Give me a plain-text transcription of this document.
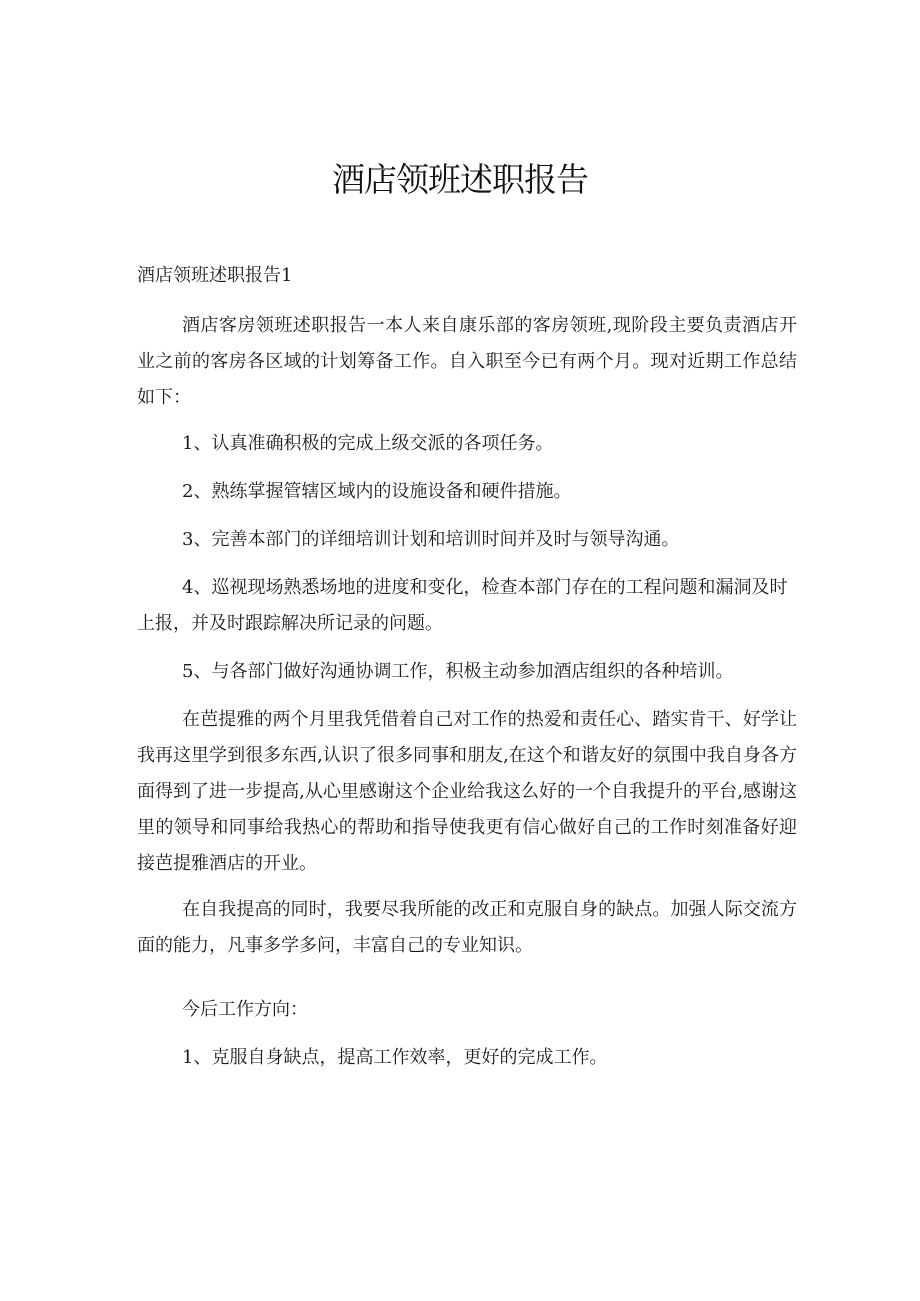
酒店领班述职报告

酒店领班述职报告1

酒店客房领班述职报告一本人来自康乐部的客房领班,现阶段主要负责酒店开业之前的客房各区域的计划筹备工作。自入职至今已有两个月。现对近期工作总结如下：

1、认真准确积极的完成上级交派的各项任务。

2、熟练掌握管辖区域内的设施设备和硬件措施。

3、完善本部门的详细培训计划和培训时间并及时与领导沟通。

4、巡视现场熟悉场地的进度和变化，检查本部门存在的工程问题和漏洞及时上报，并及时跟踪解决所记录的问题。

5、与各部门做好沟通协调工作，积极主动参加酒店组织的各种培训。

在芭提雅的两个月里我凭借着自己对工作的热爱和责任心、踏实肯干、好学让我再这里学到很多东西,认识了很多同事和朋友,在这个和谐友好的氛围中我自身各方面得到了进一步提高,从心里感谢这个企业给我这么好的一个自我提升的平台,感谢这里的领导和同事给我热心的帮助和指导使我更有信心做好自己的工作时刻准备好迎接芭提雅酒店的开业。

在自我提高的同时，我要尽我所能的改正和克服自身的缺点。加强人际交流方面的能力，凡事多学多问，丰富自己的专业知识。

今后工作方向：

1、克服自身缺点，提高工作效率，更好的完成工作。
